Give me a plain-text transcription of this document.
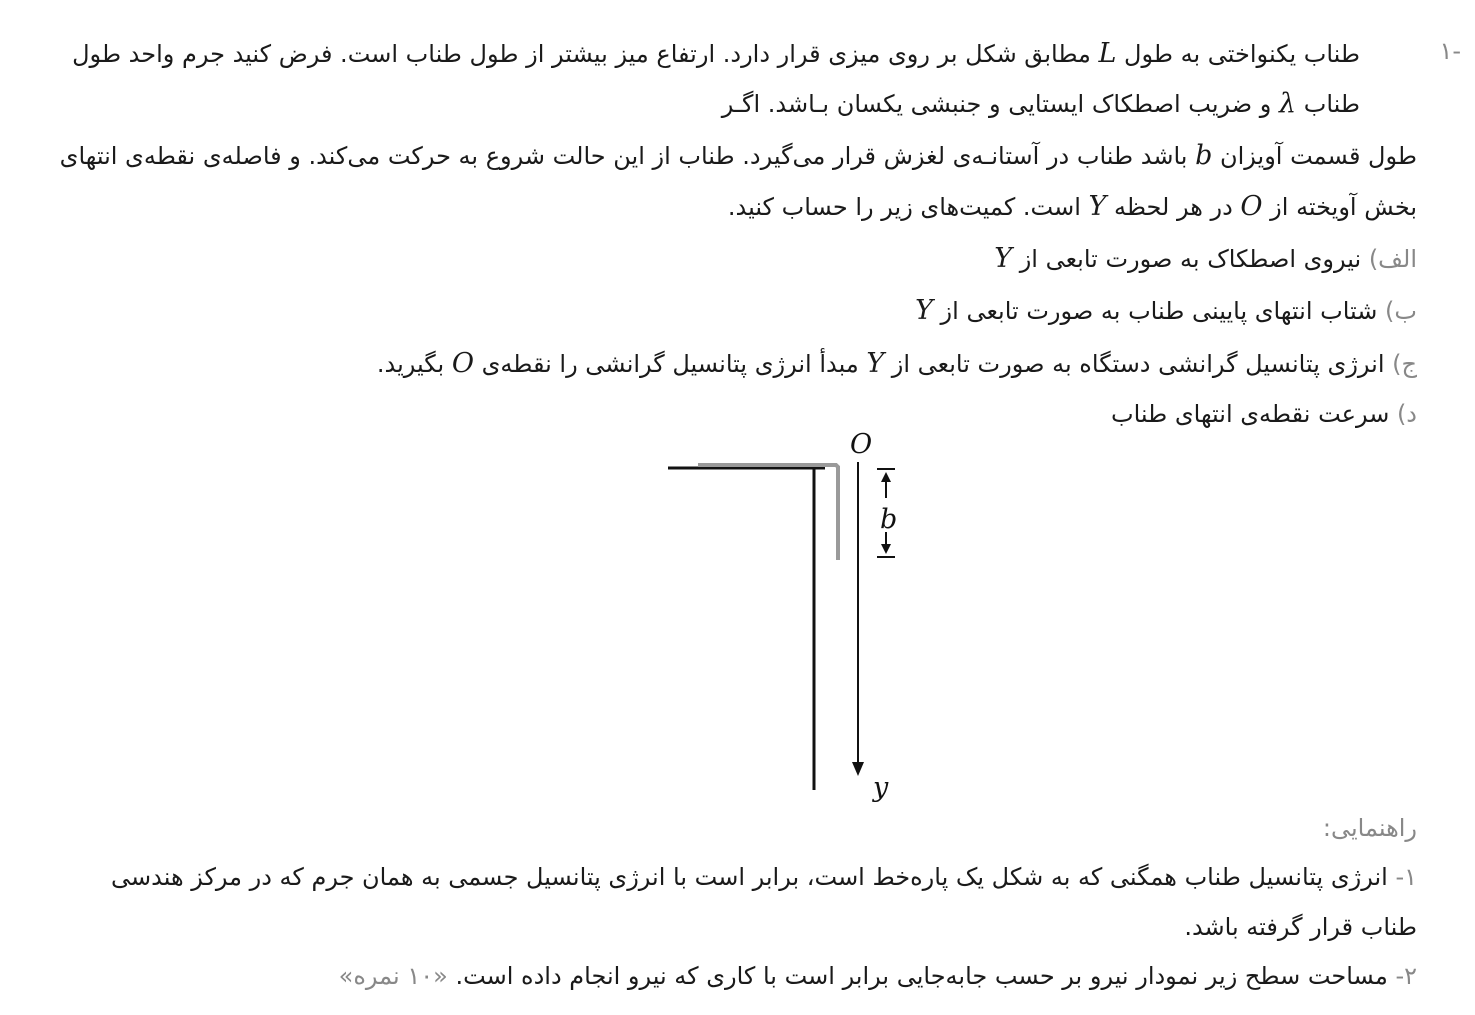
۱-
طناب یکنواختی به طول L مطابق شکل بر روی میزی قرار دارد. ارتفاع میز بیشتر از طول طناب است. فرض کنید جرم واحد طول
طناب λ و ضریب اصطکاک ایستایی و جنبشی یکسان بـاشد. اگـر
طول قسمت آویزان b باشد طناب در آستانـه‌ی لغزش قرار می‌گیرد. طناب از این حالت شروع به حرکت می‌کند. و فاصله‌ی نقطه‌ی انتهای
بخش آویخته از O در هر لحظه Y است. کمیت‌های زیر را حساب کنید.
الف) نیروی اصطکاک به صورت تابعی از Y
ب) شتاب انتهای پایینی طناب به صورت تابعی از Y
ج) انرژی پتانسیل گرانشی دستگاه به صورت تابعی از Y مبدأ انرژی پتانسیل گرانشی را نقطه‌ی O بگیرید.
د) سرعت نقطه‌ی انتهای طناب
O
b
y
راهنمایی:
۱- انرژی پتانسیل طناب همگنی که به شکل یک پاره‌خط است، برابر است با انرژی پتانسیل جسمی به همان جرم که در مرکز هندسی
طناب قرار گرفته باشد.
۲- مساحت سطح زیر نمودار نیرو بر حسب جابه‌جایی برابر است با کاری که نیرو انجام داده است. «۱۰ نمره»
